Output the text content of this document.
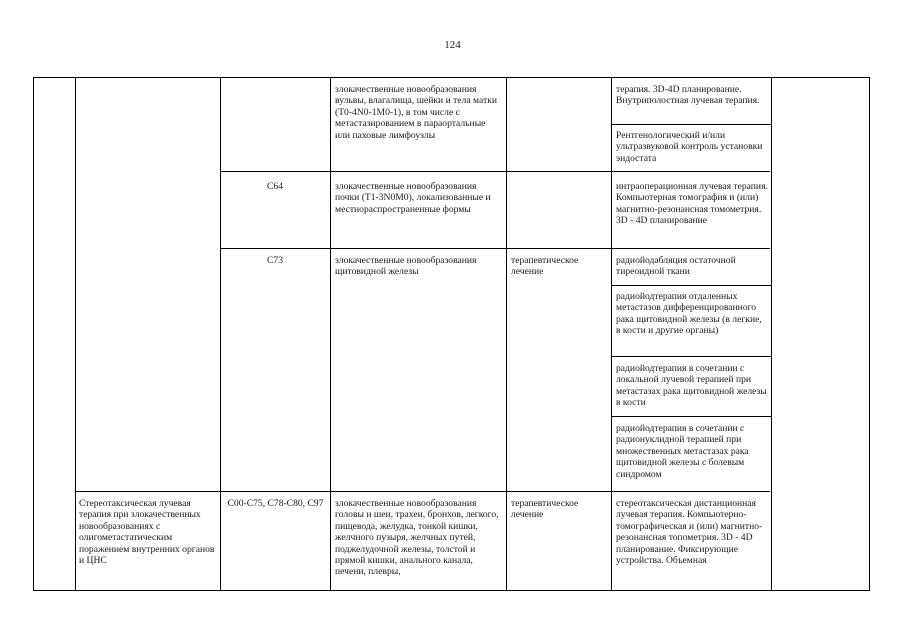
124
злокачественные новообразования вульвы, влагалища, шейки и тела матки (T0-4N0-1M0-1), в том числе с метастазированием в параортальные или паховые лимфоузлы
терапия. 3D-4D планирование. Внутриполостная лучевая терапия.
Рентгенологический и/или ультразвуковой контроль установки эндостата
C64	злокачественные новообразования почки (T1-3N0M0), локализованные и местнораспространенные формы
интраоперационная лучевая терапия. Компьютерная томография и (или) магнитно-резонансная томометрия. 3D - 4D планирование
C73	злокачественные новообразования щитовидной железы
терапевтическое лечение
радиойодабляция остаточной тиреоидной ткани
радиойодтерапия отдаленных метастазов дифференцированного рака щитовидной железы (в легкие, в кости и другие органы)
радиойодтерапия в сочетании с локальной лучевой терапией при метастазах рака щитовидной железы в кости
радиойодтерапия в сочетании с радионуклидной терапией при множественных метастазах рака щитовидной железы с болевым синдромом
Стереотаксическая лучевая терапия при злокачественных новообразованиях с олигометастатическим поражением внутренних органов и ЦНС
C00-C75, C78-C80, C97 злокачественные новообразования головы и шеи, трахеи, бронхов, легкого, пищевода, желудка, тонкой кишки, желчного пузыря, желчных путей, поджелудочной железы, толстой и прямой кишки, анального канала, печени, плевры,
терапевтическое лечение
стереотаксическая дистанционная лучевая терапия. Компьютерно-томографическая и (или) магнитно-резонансная топометрия. 3D - 4D планирование. Фиксирующие устройства. Объемная
